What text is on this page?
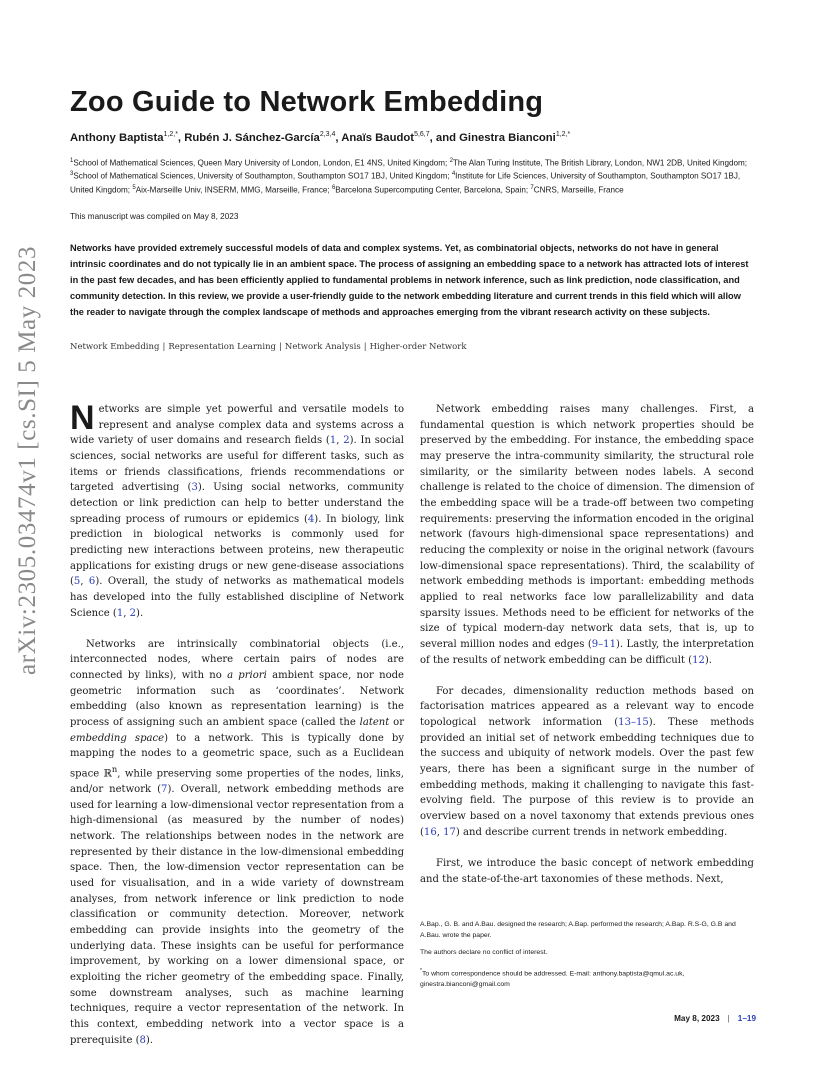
arXiv:2305.03474v1 [cs.SI] 5 May 2023
Zoo Guide to Network Embedding
Anthony Baptista$^{1,2,*}$, Rubén J. Sánchez-García$^{2,3,4}$, Anaïs Baudot$^{5,6,7}$, and Ginestra Bianconi$^{1,2,*}$
$^1$School of Mathematical Sciences, Queen Mary University of London, London, E1 4NS, United Kingdom; $^2$The Alan Turing Institute, The British Library, London, NW1 2DB, United Kingdom; $^3$School of Mathematical Sciences, University of Southampton, Southampton SO17 1BJ, United Kingdom; $^4$Institute for Life Sciences, University of Southampton, Southampton SO17 1BJ, United Kingdom; $^5$Aix-Marseille Univ, INSERM, MMG, Marseille, France; $^6$Barcelona Supercomputing Center, Barcelona, Spain; $^7$CNRS, Marseille, France
This manuscript was compiled on May 8, 2023
Networks have provided extremely successful models of data and complex systems. Yet, as combinatorial objects, networks do not have in general intrinsic coordinates and do not typically lie in an ambient space. The process of assigning an embedding space to a network has attracted lots of interest in the past few decades, and has been efficiently applied to fundamental problems in network inference, such as link prediction, node classification, and community detection. In this review, we provide a user-friendly guide to the network embedding literature and current trends in this field which will allow the reader to navigate through the complex landscape of methods and approaches emerging from the vibrant research activity on these subjects.
Network Embedding | Representation Learning | Network Analysis | Higher-order Network

Networks are simple yet powerful and versatile models to represent and analyse complex data and systems across a wide variety of user domains and research fields (1, 2). In social sciences, social networks are useful for different tasks, such as items or friends classifications, friends recommendations or targeted advertising (3). Using social networks, community detection or link prediction can help to better understand the spreading process of rumours or epidemics (4). In biology, link prediction in biological networks is commonly used for predicting new interactions between proteins, new therapeutic applications for existing drugs or new gene-disease associations (5, 6). Overall, the study of networks as mathematical models has developed into the fully established discipline of Network Science (1, 2).

Networks are intrinsically combinatorial objects (i.e., interconnected nodes, where certain pairs of nodes are connected by links), with no a priori ambient space, nor node geometric information such as ‘coordinates’. Network embedding (also known as representation learning) is the process of assigning such an ambient space (called the latent or embedding space) to a network. This is typically done by mapping the nodes to a geometric space, such as a Euclidean space ℝ$^n$, while preserving some properties of the nodes, links, and/or network (7). Overall, network embedding methods are used for learning a low-dimensional vector representation from a high-dimensional (as measured by the number of nodes) network. The relationships between nodes in the network are represented by their distance in the low-dimensional embedding space. Then, the low-dimension vector representation can be used for visualisation, and in a wide variety of downstream analyses, from network inference or link prediction to node classification or community detection. Moreover, network embedding can provide insights into the geometry of the underlying data. These insights can be useful for performance improvement, by working on a lower dimensional space, or exploiting the richer geometry of the embedding space. Finally, some downstream analyses, such as machine learning techniques, require a vector representation of the network. In this context, embedding network into a vector space is a prerequisite (8).

Network embedding raises many challenges. First, a fundamental question is which network properties should be preserved by the embedding. For instance, the embedding space may preserve the intra-community similarity, the structural role similarity, or the similarity between nodes labels. A second challenge is related to the choice of dimension. The dimension of the embedding space will be a trade-off between two competing requirements: preserving the information encoded in the original network (favours high-dimensional space representations) and reducing the complexity or noise in the original network (favours low-dimensional space representations). Third, the scalability of network embedding methods is important: embedding methods applied to real networks face low parallelizability and data sparsity issues. Methods need to be efficient for networks of the size of typical modern-day network data sets, that is, up to several million nodes and edges (9–11). Lastly, the interpretation of the results of network embedding can be difficult (12).

For decades, dimensionality reduction methods based on factorisation matrices appeared as a relevant way to encode topological network information (13–15). These methods provided an initial set of network embedding techniques due to the success and ubiquity of network models. Over the past few years, there has been a significant surge in the number of embedding methods, making it challenging to navigate this fast-evolving field. The purpose of this review is to provide an overview based on a novel taxonomy that extends previous ones (16, 17) and describe current trends in network embedding.

First, we introduce the basic concept of network embedding and the state-of-the-art taxonomies of these methods. Next,

A.Bap., G. B. and A.Bau. designed the research; A.Bap. performed the research; A.Bap. R.S-G, G.B and A.Bau. wrote the paper.
The authors declare no conflict of interest.
*To whom correspondence should be addressed. E-mail: anthony.baptista@qmul.ac.uk, ginestra.bianconi@gmail.com
May 8, 2023 | 1–19
